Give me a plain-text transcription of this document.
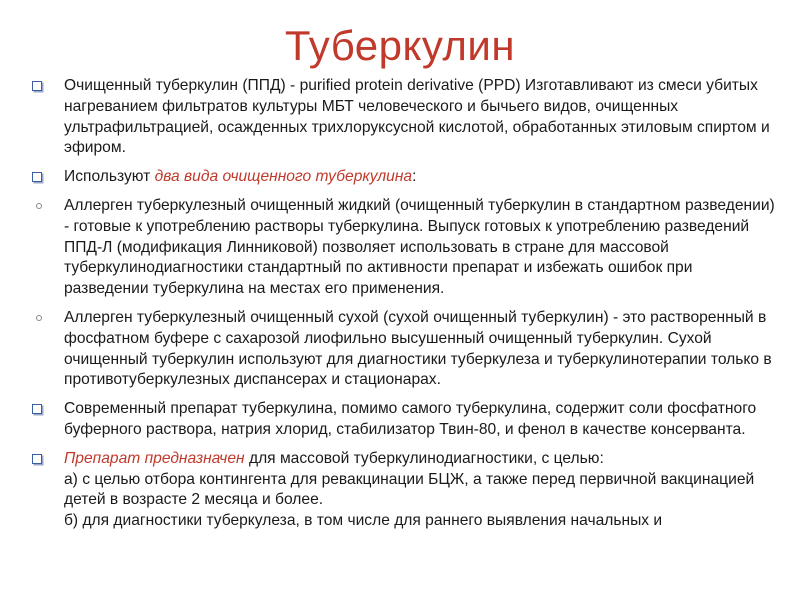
Туберкулин
Очищенный туберкулин (ППД) - purified protein derivative (PPD) Изготавливают из смеси убитых нагреванием фильтратов культуры МБТ человеческого и бычьего видов, очищенных ультрафильтрацией, осажденных трихлоруксусной кислотой, обработанных этиловым спиртом и эфиром.
Используют два вида очищенного туберкулина:
Аллерген туберкулезный очищенный жидкий (очищенный туберкулин в стандартном разведении) - готовые к употреблению растворы туберкулина. Выпуск готовых к употреблению разведений ППД-Л (модификация Линниковой) позволяет использовать в стране для массовой туберкулинодиагностики стандартный по активности препарат и избежать ошибок при разведении туберкулина на местах его применения.
Аллерген туберкулезный очищенный сухой (сухой очищенный туберкулин) - это растворенный в фосфатном буфере с сахарозой лиофильно высушенный очищенный туберкулин. Сухой очищенный туберкулин используют для диагностики туберкулеза и туберкулинотерапии только в противотуберкулезных диспансерах и стационарах.
Современный препарат туберкулина, помимо самого туберкулина, содержит соли фосфатного буферного раствора, натрия хлорид, стабилизатор Твин-80, и фенол в качестве консерванта.
Препарат предназначен для массовой туберкулинодиагностики, с целью:
а) с целью отбора контингента для ревакцинации БЦЖ, а также перед первичной вакцинацией детей в возрасте 2 месяца и более.
б) для диагностики туберкулеза, в том числе для раннего выявления начальных и
